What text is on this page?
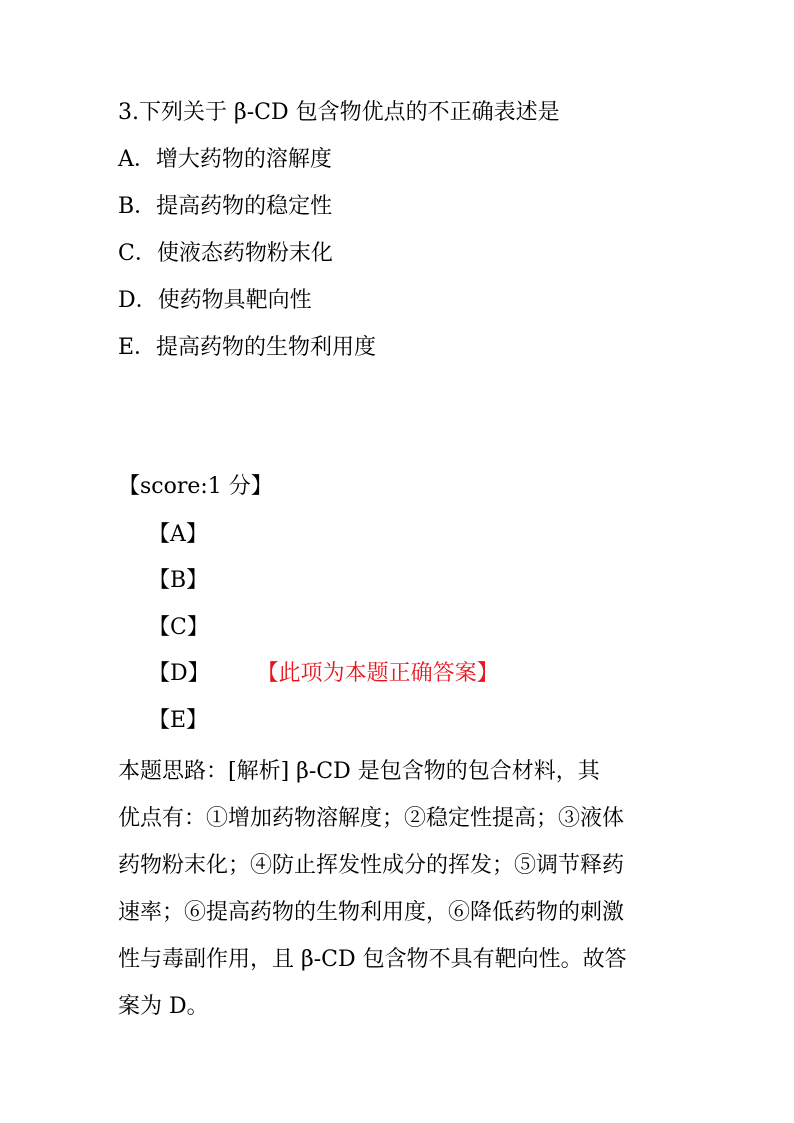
3.下列关于 β-CD 包含物优点的不正确表述是
A．增大药物的溶解度
B．提高药物的稳定性
C．使液态药物粉末化
D．使药物具靶向性
E．提高药物的生物利用度
【score:1 分】
【A】
【B】
【C】
【D】 【此项为本题正确答案】
【E】
本题思路：[解析] β-CD 是包含物的包合材料，其
优点有：①增加药物溶解度；②稳定性提高；③液体
药物粉末化；④防止挥发性成分的挥发；⑤调节释药
速率；⑥提高药物的生物利用度，⑥降低药物的刺激
性与毒副作用，且 β-CD 包含物不具有靶向性。故答
案为 D。
